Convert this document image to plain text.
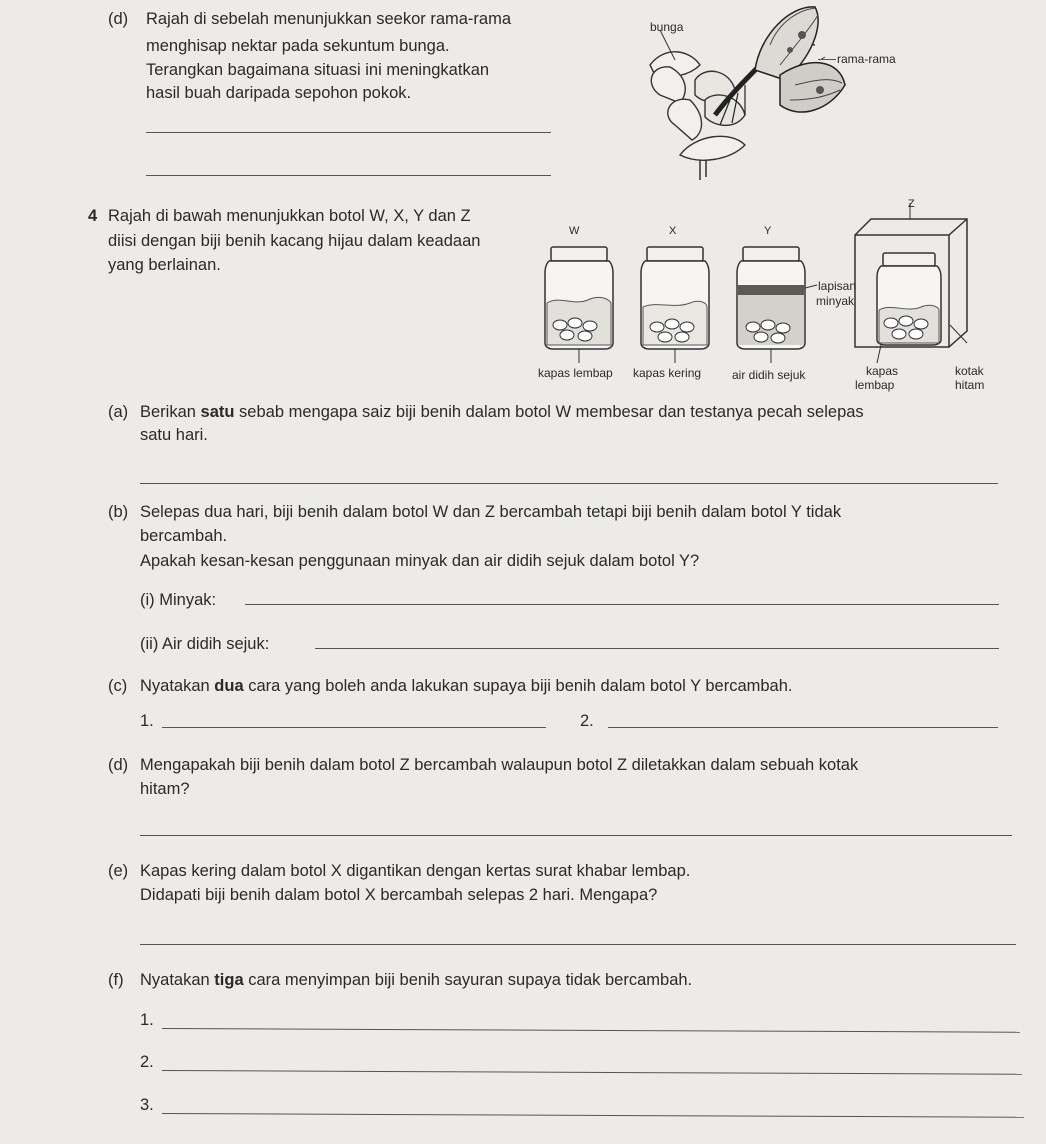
(d) Rajah di sebelah menunjukkan seekor rama-rama
menghisap nektar pada sekuntum bunga.
Terangkan bagaimana situasi ini meningkatkan
hasil buah daripada sepohon pokok.
bunga
rama-rama
4 Rajah di bawah menunjukkan botol W, X, Y dan Z
diisi dengan biji benih kacang hijau dalam keadaan
yang berlainan.
W	X	Y
Z
kapas lembap kapas kering	air didih sejuk
lapisan
minyak
kapas
lembap
kotak
hitam
(a) Berikan satu sebab mengapa saiz biji benih dalam botol W membesar dan testanya pecah selepas
satu hari.
(b) Selepas dua hari, biji benih dalam botol W dan Z bercambah tetapi biji benih dalam botol Y tidak
bercambah.
Apakah kesan-kesan penggunaan minyak dan air didih sejuk dalam botol Y?
(i) Minyak:
(ii) Air didih sejuk:
(c) Nyatakan dua cara yang boleh anda lakukan supaya biji benih dalam botol Y bercambah.
1.	2.
(d) Mengapakah biji benih dalam botol Z bercambah walaupun botol Z diletakkan dalam sebuah kotak
hitam?
(e) Kapas kering dalam botol X digantikan dengan kertas surat khabar lembap.
Didapati biji benih dalam botol X bercambah selepas 2 hari. Mengapa?
(f) Nyatakan tiga cara menyimpan biji benih sayuran supaya tidak bercambah.
1.
2.
3.
